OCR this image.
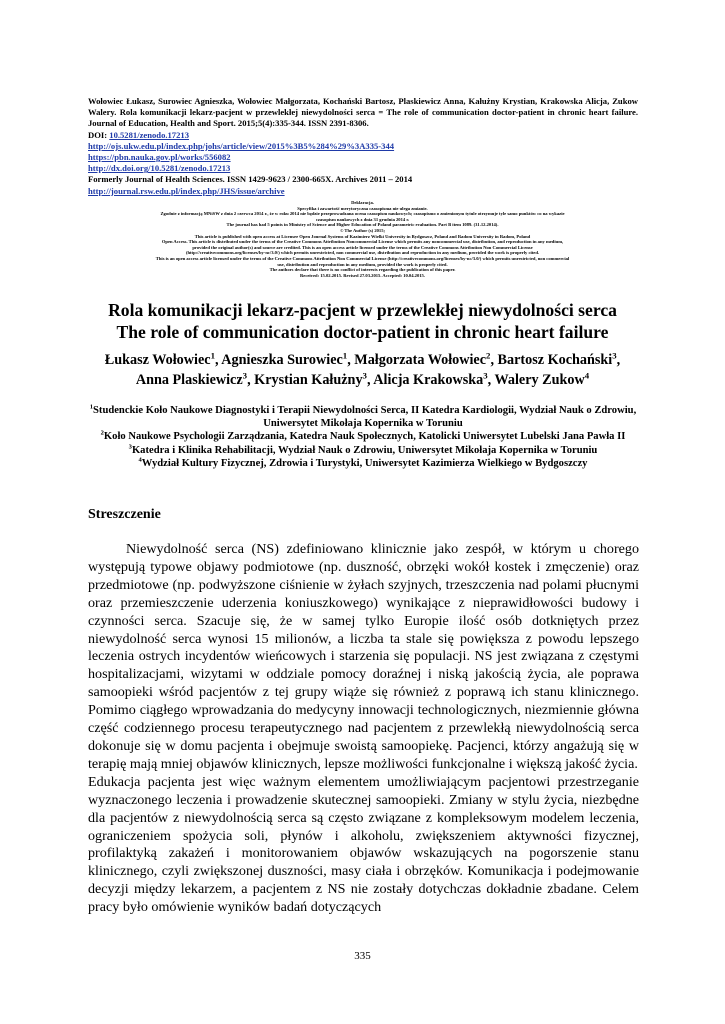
Wołowiec Łukasz, Surowiec Agnieszka, Wołowiec Małgorzata, Kochański Bartosz, Plaskiewicz Anna, Kałużny Krystian, Krakowska Alicja, Zukow Walery. Rola komunikacji lekarz-pacjent w przewlekłej niewydolności serca = The role of communication doctor-patient in chronic heart failure. Journal of Education, Health and Sport. 2015;5(4):335-344. ISSN 2391-8306.
DOI: 10.5281/zenodo.17213
http://ojs.ukw.edu.pl/index.php/johs/article/view/2015%3B5%284%29%3A335-344
https://pbn.nauka.gov.pl/works/556082
http://dx.doi.org/10.5281/zenodo.17213
Formerly Journal of Health Sciences. ISSN 1429-9623 / 2300-665X. Archives 2011 – 2014
http://journal.rsw.edu.pl/index.php/JHS/issue/archive
Deklaracja.
Specyfika i zawartość merytoryczna czasopisma nie ulega zmianie.
Zgodnie z informacją MNiSW z dnia 2 czerwca 2014 r., że w roku 2014 nie będzie przeprowadzana ocena czasopism naukowych; czasopismo o zmienionym tytule otrzymuje tyle samo punktów co na wykazie
czasopism naukowych z dnia 31 grudnia 2014 r.
The journal has had 5 points in Ministry of Science and Higher Education of Poland parametric evaluation. Part B item 1089. (31.12.2014).
© The Author (s) 2015;
This article is published with open access at Licensee Open Journal Systems of Kazimierz Wielki University in Bydgoszcz, Poland and Radom University in Radom, Poland
Open Access. This article is distributed under the terms of the Creative Commons Attribution Noncommercial License which permits any noncommercial use, distribution, and reproduction in any medium,
provided the original author(s) and source are credited. This is an open access article licensed under the terms of the Creative Commons Attribution Non Commercial License
(http://creativecommons.org/licenses/by-nc/3.0/) which permits unrestricted, non commercial use, distribution and reproduction in any medium, provided the work is properly cited.
This is an open access article licensed under the terms of the Creative Commons Attribution Non Commercial License (http://creativecommons.org/licenses/by-nc/3.0/) which permits unrestricted, non commercial
use, distribution and reproduction in any medium, provided the work is properly cited.
The authors declare that there is no conflict of interests regarding the publication of this paper.
Received: 15.02.2015. Revised 27.03.2015. Accepted: 10.04.2015.
Rola komunikacji lekarz-pacjent w przewlekłej niewydolności serca
The role of communication doctor-patient in chronic heart failure
Łukasz Wołowiec$^1$, Agnieszka Surowiec$^1$, Małgorzata Wołowiec$^2$, Bartosz Kochański$^3$,
Anna Plaskiewicz$^3$, Krystian Kałużny$^3$, Alicja Krakowska$^3$, Walery Zukow$^4$
$^1$Studenckie Koło Naukowe Diagnostyki i Terapii Niewydolności Serca, II Katedra Kardiologii, Wydział Nauk o Zdrowiu, Uniwersytet Mikołaja Kopernika w Toruniu
$^2$Koło Naukowe Psychologii Zarządzania, Katedra Nauk Społecznych, Katolicki Uniwersytet Lubelski Jana Pawła II
$^3$Katedra i Klinika Rehabilitacji, Wydział Nauk o Zdrowiu, Uniwersytet Mikołaja Kopernika w Toruniu
$^4$Wydział Kultury Fizycznej, Zdrowia i Turystyki, Uniwersytet Kazimierza Wielkiego w Bydgoszczy
Streszczenie

Niewydolność serca (NS) zdefiniowano klinicznie jako zespół, w którym u chorego występują typowe objawy podmiotowe (np. duszność, obrzęki wokół kostek i zmęczenie) oraz przedmiotowe (np. podwyższone ciśnienie w żyłach szyjnych, trzeszczenia nad polami płucnymi oraz przemieszczenie uderzenia koniuszkowego) wynikające z nieprawidłowości budowy i czynności serca. Szacuje się, że w samej tylko Europie ilość osób dotkniętych przez niewydolność serca wynosi 15 milionów, a liczba ta stale się powiększa z powodu lepszego leczenia ostrych incydentów wieńcowych i starzenia się populacji. NS jest związana z częstymi hospitalizacjami, wizytami w oddziale pomocy doraźnej i niską jakością życia, ale poprawa samoopieki wśród pacjentów z tej grupy wiąże się również z poprawą ich stanu klinicznego. Pomimo ciągłego wprowadzania do medycyny innowacji technologicznych, niezmiennie główna część codziennego procesu terapeutycznego nad pacjentem z przewlekłą niewydolnością serca dokonuje się w domu pacjenta i obejmuje swoistą samoopiekę. Pacjenci, którzy angażują się w terapię mają mniej objawów klinicznych, lepsze możliwości funkcjonalne i większą jakość życia.

Edukacja pacjenta jest więc ważnym elementem umożliwiającym pacjentowi przestrzeganie wyznaczonego leczenia i prowadzenie skutecznej samoopieki. Zmiany w stylu życia, niezbędne dla pacjentów z niewydolnością serca są często związane z kompleksowym modelem leczenia, ograniczeniem spożycia soli, płynów i alkoholu, zwiększeniem aktywności fizycznej, profilaktyką zakażeń i monitorowaniem objawów wskazujących na pogorszenie stanu klinicznego, czyli zwiększonej duszności, masy ciała i obrzęków. Komunikacja i podejmowanie decyzji między lekarzem, a pacjentem z NS nie zostały dotychczas dokładnie zbadane. Celem pracy było omówienie wyników badań dotyczących

335
